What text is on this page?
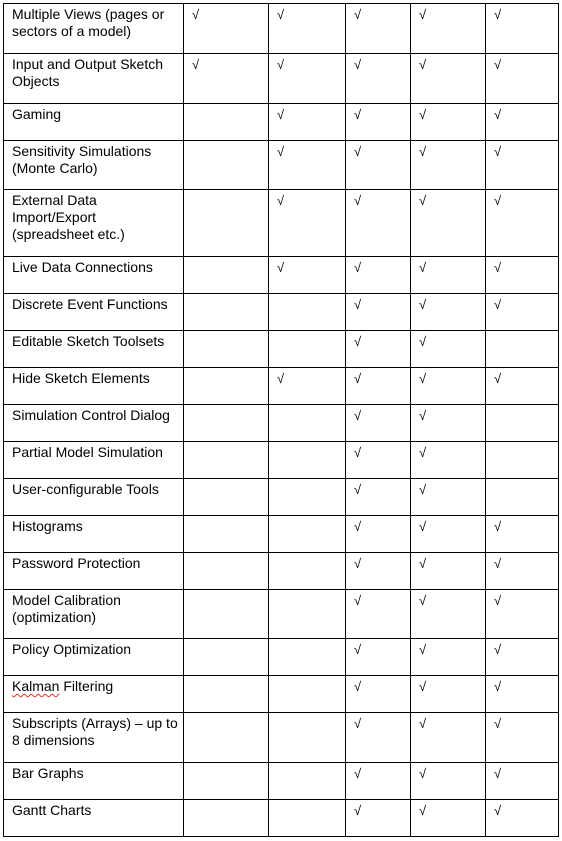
Multiple Views (pages or sectors of a model)	√	√	√	√	√
Input and Output Sketch Objects	√	√	√	√	√
Gaming		√	√	√	√
Sensitivity Simulations (Monte Carlo)		√	√	√	√
External Data Import/Export (spreadsheet etc.)		√	√	√	√
Live Data Connections		√	√	√	√
Discrete Event Functions			√	√	√
Editable Sketch Toolsets			√	√	
Hide Sketch Elements		√	√	√	√
Simulation Control Dialog			√	√	
Partial Model Simulation			√	√	
User-configurable Tools			√	√	
Histograms			√	√	√
Password Protection			√	√	√
Model Calibration (optimization)			√	√	√
Policy Optimization			√	√	√
Kalman Filtering			√	√	√
Subscripts (Arrays) – up to 8 dimensions			√	√	√
Bar Graphs			√	√	√
Gantt Charts			√	√	√
